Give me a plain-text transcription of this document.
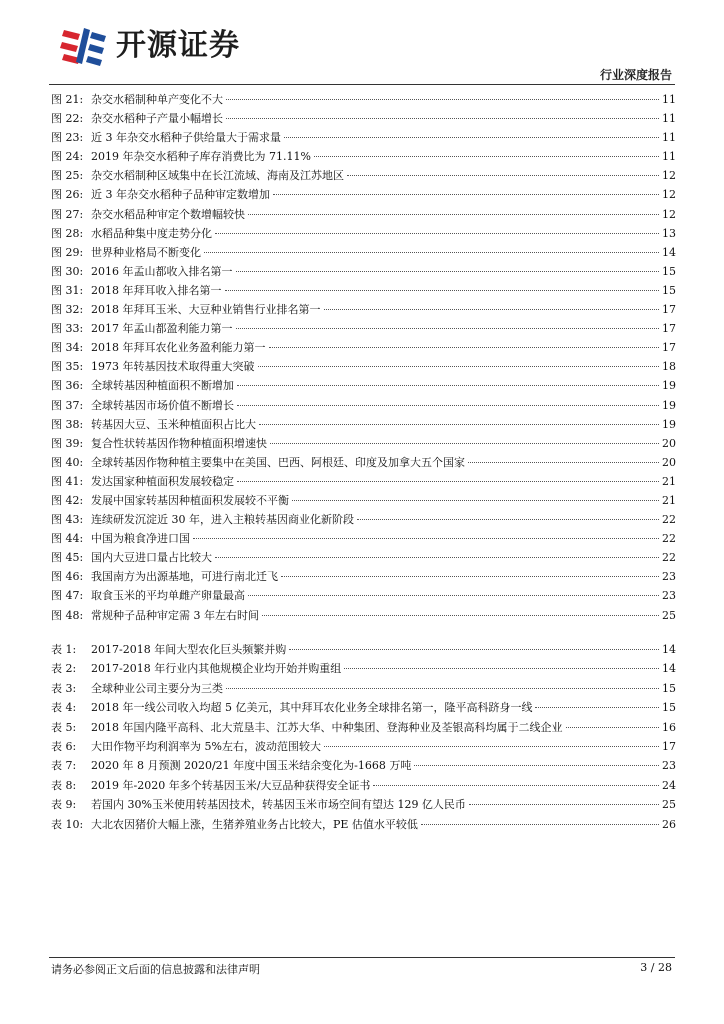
开源证券
行业深度报告
图 21: 杂交水稻制种单产变化不大	11
图 22: 杂交水稻种子产量小幅增长	11
图 23: 近 3 年杂交水稻种子供给量大于需求量	11
图 24: 2019 年杂交水稻种子库存消费比为 71.11%	11
图 25: 杂交水稻制种区域集中在长江流域、海南及江苏地区	12
图 26: 近 3 年杂交水稻种子品种审定数增加	12
图 27: 杂交水稻品种审定个数增幅较快	12
图 28: 水稻品种集中度走势分化	13
图 29: 世界种业格局不断变化	14
图 30: 2016 年孟山都收入排名第一	15
图 31: 2018 年拜耳收入排名第一	15
图 32: 2018 年拜耳玉米、大豆种业销售行业排名第一	17
图 33: 2017 年孟山都盈利能力第一	17
图 34: 2018 年拜耳农化业务盈利能力第一	17
图 35: 1973 年转基因技术取得重大突破	18
图 36: 全球转基因种植面积不断增加	19
图 37: 全球转基因市场价值不断增长	19
图 38: 转基因大豆、玉米种植面积占比大	19
图 39: 复合性状转基因作物种植面积增速快	20
图 40: 全球转基因作物种植主要集中在美国、巴西、阿根廷、印度及加拿大五个国家	20
图 41: 发达国家种植面积发展较稳定	21
图 42: 发展中国家转基因种植面积发展较不平衡	21
图 43: 连续研发沉淀近 30 年，进入主粮转基因商业化新阶段	22
图 44: 中国为粮食净进口国	22
图 45: 国内大豆进口量占比较大	22
图 46: 我国南方为出源基地，可进行南北迁飞	23
图 47: 取食玉米的平均单雌产卵量最高	23
图 48: 常规种子品种审定需 3 年左右时间	25
表 1:	2017-2018 年间大型农化巨头频繁并购	14
表 2:	2017-2018 年行业内其他规模企业均开始并购重组	14
表 3:	全球种业公司主要分为三类	15
表 4:	2018 年一线公司收入均超 5 亿美元，其中拜耳农化业务全球排名第一，隆平高科跻身一线	15
表 5:	2018 年国内隆平高科、北大荒垦丰、江苏大华、中种集团、登海种业及荃银高科均属于二线企业	16
表 6:	大田作物平均利润率为 5%左右，波动范围较大	17
表 7:	2020 年 8 月预测 2020/21 年度中国玉米结余变化为-1668 万吨	23
表 8:	2019 年-2020 年多个转基因玉米/大豆品种获得安全证书	24
表 9:	若国内 30%玉米使用转基因技术，转基因玉米市场空间有望达 129 亿人民币	25
表 10: 大北农因猪价大幅上涨，生猪养殖业务占比较大，PE 估值水平较低	26
请务必参阅正文后面的信息披露和法律声明	3 / 28
